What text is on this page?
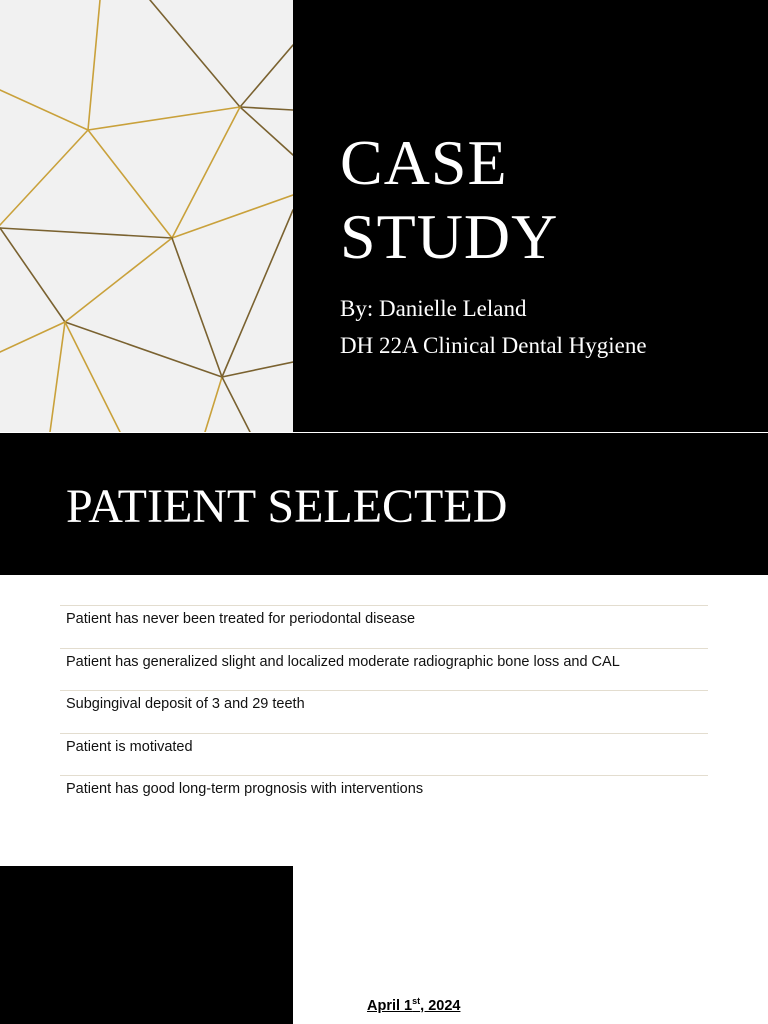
CASE
STUDY
By: Danielle Leland
DH 22A Clinical Dental Hygiene
PATIENT SELECTED
Patient has never been treated for periodontal disease
Patient has generalized slight and localized moderate radiographic bone loss and CAL
Subgingival deposit of 3 and 29 teeth
Patient is motivated
Patient has good long-term prognosis with interventions
April 1st, 2024
